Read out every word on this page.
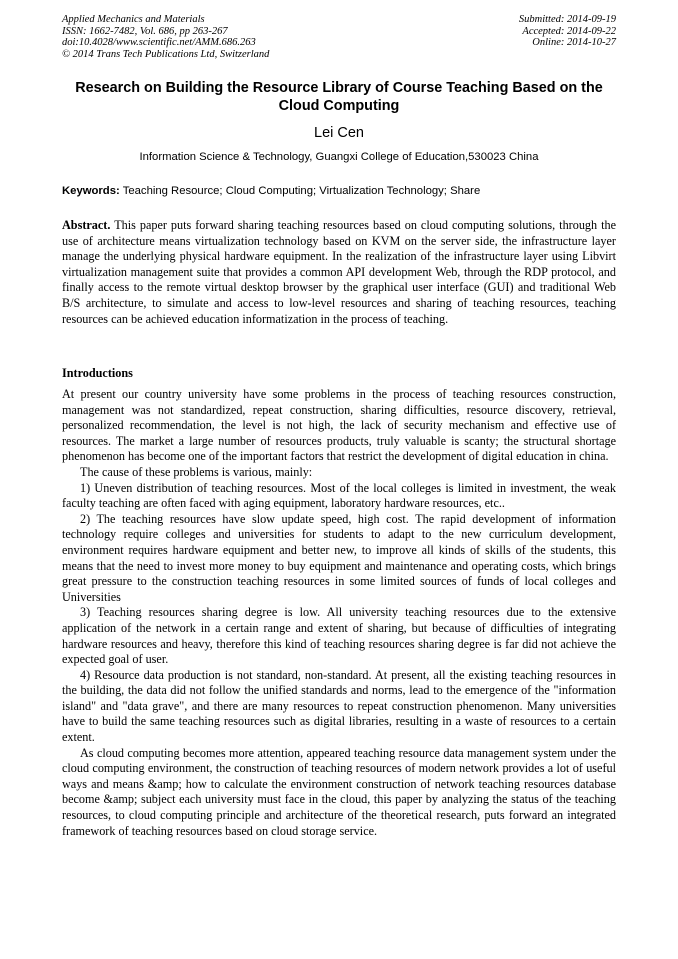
Applied Mechanics and Materials
ISSN: 1662-7482, Vol. 686, pp 263-267
doi:10.4028/www.scientific.net/AMM.686.263
© 2014 Trans Tech Publications Ltd, Switzerland
Submitted: 2014-09-19
Accepted: 2014-09-22
Online: 2014-10-27
Research on Building the Resource Library of Course Teaching Based on the Cloud Computing
Lei Cen
Information Science & Technology, Guangxi College of Education,530023 China
Keywords: Teaching Resource; Cloud Computing; Virtualization Technology; Share
Abstract. This paper puts forward sharing teaching resources based on cloud computing solutions, through the use of architecture means virtualization technology based on KVM on the server side, the infrastructure layer manage the underlying physical hardware equipment. In the realization of the infrastructure layer using Libvirt virtualization management suite that provides a common API development Web, through the RDP protocol, and finally access to the remote virtual desktop browser by the graphical user interface (GUI) and traditional Web B/S architecture, to simulate and access to low-level resources and sharing of teaching resources, teaching resources can be achieved education informatization in the process of teaching.
Introductions

At present our country university have some problems in the process of teaching resources construction, management was not standardized, repeat construction, sharing difficulties, resource discovery, retrieval, personalized recommendation, the level is not high, the lack of security mechanism and effective use of resources. The market a large number of resources products, truly valuable is scanty; the structural shortage phenomenon has become one of the important factors that restrict the development of digital education in china.

The cause of these problems is various, mainly:

1) Uneven distribution of teaching resources. Most of the local colleges is limited in investment, the weak faculty teaching are often faced with aging equipment, laboratory hardware resources, etc..

2) The teaching resources have slow update speed, high cost. The rapid development of information technology require colleges and universities for students to adapt to the new curriculum development, environment requires hardware equipment and better new, to improve all kinds of skills of the students, this means that the need to invest more money to buy equipment and maintenance and operating costs, which brings great pressure to the construction teaching resources in some limited sources of funds of local colleges and Universities

3) Teaching resources sharing degree is low. All university teaching resources due to the extensive application of the network in a certain range and extent of sharing, but because of difficulties of integrating hardware resources and heavy, therefore this kind of teaching resources sharing degree is far did not achieve the expected goal of user.

4) Resource data production is not standard, non-standard. At present, all the existing teaching resources in the building, the data did not follow the unified standards and norms, lead to the emergence of the "information island" and "data grave", and there are many resources to repeat construction phenomenon. Many universities have to build the same teaching resources such as digital libraries, resulting in a waste of resources to a certain extent.

As cloud computing becomes more attention, appeared teaching resource data management system under the cloud computing environment, the construction of teaching resources of modern network provides a lot of useful ways and means &amp; how to calculate the environment construction of network teaching resources database become &amp; subject each university must face in the cloud, this paper by analyzing the status of the teaching resources, to cloud computing principle and architecture of the theoretical research, puts forward an integrated framework of teaching resources based on cloud storage service.
